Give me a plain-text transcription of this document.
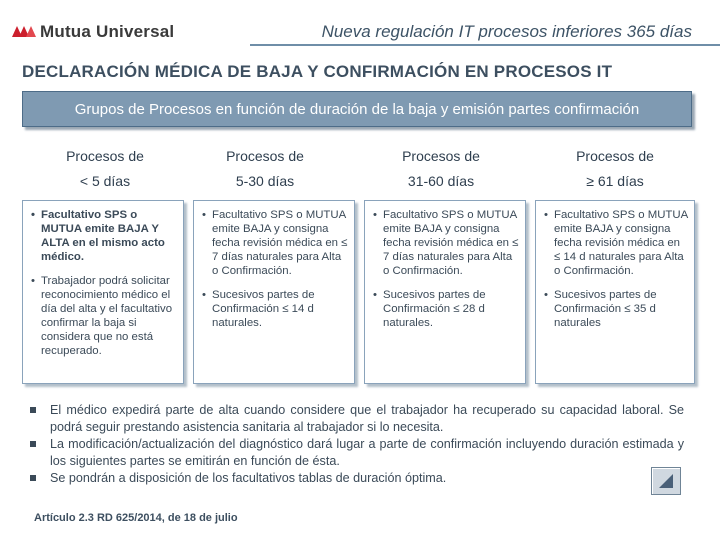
Mutua Universal	Nueva regulación IT procesos inferiores 365 días
DECLARACIÓN MÉDICA DE BAJA Y CONFIRMACIÓN EN PROCESOS IT
Grupos de Procesos en función de duración de la baja y emisión partes confirmación
Procesos de
< 5 días
Procesos de
5-30 días
Procesos de
31-60 días
Procesos de
≥ 61 días
• Facultativo SPS o MUTUA emite BAJA Y ALTA en el mismo acto médico.
• Trabajador podrá solicitar reconocimiento médico el día del alta y el facultativo confirmar la baja si considera que no está recuperado.
• Facultativo SPS o MUTUA emite BAJA y consigna fecha revisión médica en ≤ 7 días naturales para Alta o Confirmación.
• Sucesivos partes de Confirmación ≤ 14 d naturales.
• Facultativo SPS o MUTUA emite BAJA y consigna fecha revisión médica en ≤ 7 días naturales para Alta o Confirmación.
• Sucesivos partes de Confirmación ≤ 28 d naturales.
• Facultativo SPS o MUTUA emite BAJA y consigna fecha revisión médica en ≤ 14 d naturales para Alta o Confirmación.
• Sucesivos partes de Confirmación ≤ 35 d naturales
El médico expedirá parte de alta cuando considere que el trabajador ha recuperado su capacidad laboral. Se podrá seguir prestando asistencia sanitaria al trabajador si lo necesita.
La modificación/actualización del diagnóstico dará lugar a parte de confirmación incluyendo duración estimada y los siguientes partes se emitirán en función de ésta.
Se pondrán a disposición de los facultativos tablas de duración óptima.
Artículo 2.3 RD 625/2014, de 18 de julio
